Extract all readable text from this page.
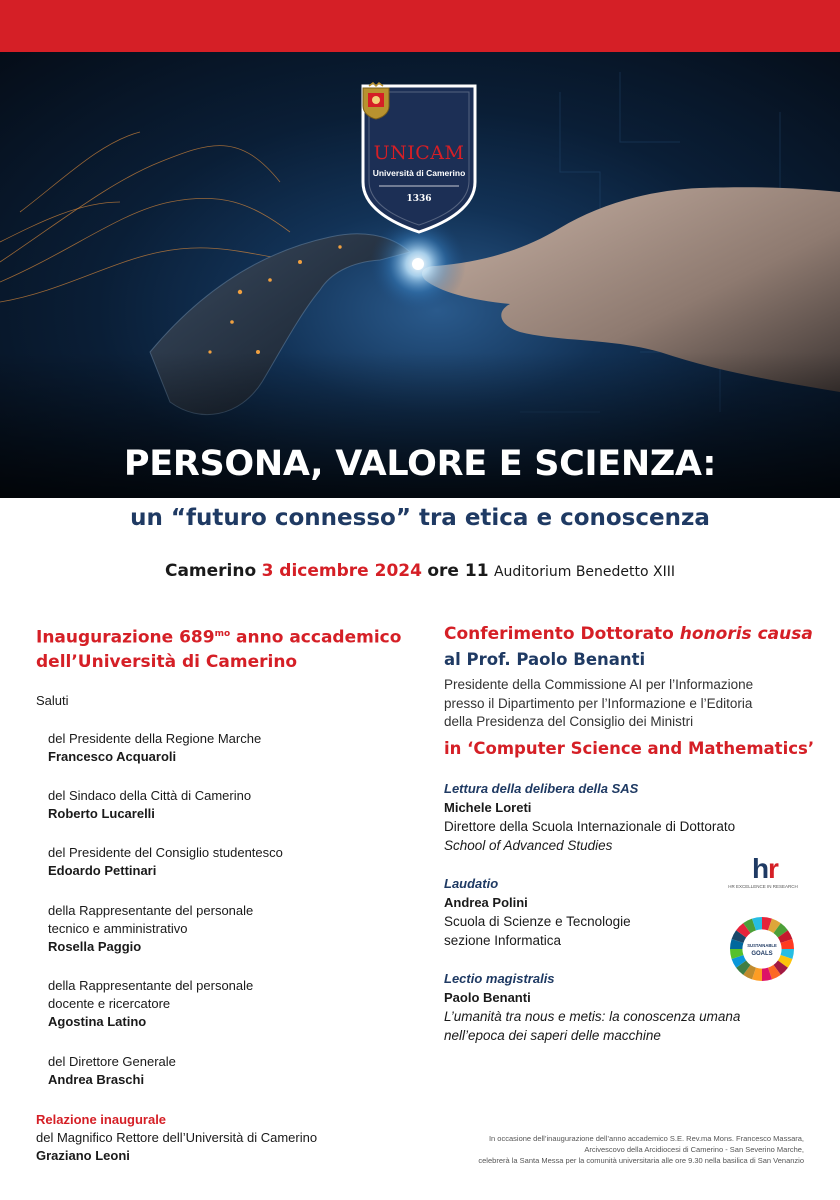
UNICAM
Università di Camerino
1336
PERSONA, VALORE E SCIENZA:
un “futuro connesso” tra etica e conoscenza
Camerino 3 dicembre 2024 ore 11 Auditorium Benedetto XIII
Inaugurazione $689^{mo}$ anno accademico
dell’Università di Camerino
Saluti
del Presidente della Regione Marche
Francesco Acquaroli
del Sindaco della Città di Camerino
Roberto Lucarelli
del Presidente del Consiglio studentesco
Edoardo Pettinari
della Rappresentante del personale
tecnico e amministrativo
Rosella Paggio
della Rappresentante del personale
docente e ricercatore
Agostina Latino
del Direttore Generale
Andrea Braschi
Relazione inaugurale
del Magnifico Rettore dell’Università di Camerino
Graziano Leoni
Conferimento Dottorato honoris causa
al Prof. Paolo Benanti
Presidente della Commissione AI per l’Informazione
presso il Dipartimento per l’Informazione e l’Editoria
della Presidenza del Consiglio dei Ministri
in ‘Computer Science and Mathematics’
Lettura della delibera della SAS
Michele Loreti
Direttore della Scuola Internazionale di Dottorato
School of Advanced Studies
Laudatio
Andrea Polini
Scuola di Scienze e Tecnologie
sezione Informatica
Lectio magistralis
Paolo Benanti
L’umanità tra nous e metis: la conoscenza umana
nell’epoca dei saperi delle macchine
h
r
HR EXCELLENCE IN RESEARCH
SUSTAINABLE
GOALS
In occasione dell’inaugurazione dell’anno accademico S.E. Rev.ma Mons. Francesco Massara,
Arcivescovo della Arcidiocesi di Camerino - San Severino Marche,
celebrerà la Santa Messa per la comunità universitaria alle ore 9.30 nella basilica di San Venanzio
